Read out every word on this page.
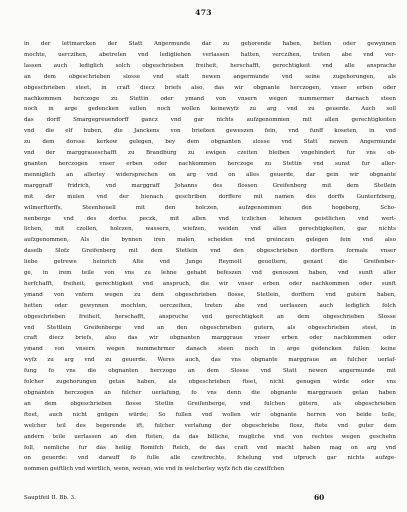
473
in der lettmarcken der Statt Angermunde dar zu gehorende haben, betten oder gewynnen
mochte, uerczihen, abetreten vnd ledigliehen verlassen hatten, verczihen, treten abe vnd ver-
lassen auch lediglich solch obgeschrieben freiheit, herschafft, gerechtigkeit vnd alle ansprache
an dem obgeschrieben slosse vnd statt newen angermunde vnd seine zugehorungen, als
obgeschrieben steet, in craft diecz briefs also, das wir obgnante herczogen, vnser erben oder
nachkommen herczoge zu Stettin oder ymand von vnsern wegen nummermer darnach steen
noch in arge gedencken sullen noch wollen keinewyfz zu arg vnd zu geuerde. Auch soll
das dorff Smargegreuendorff gancz vnd gar nichts aufzgenommen mit allen gerechtigkeiten
vnd die elf huben, die Janckens von briefzen geweszen fein, vnd funff koseten, in vnd
zu dem dorsse kerkow gelegen, bey dem obgnanten slosse vnd Statt newen Angermunde
vnd der marggraueschafft zu Brandburg zu ewigen czeiten bleiben vngehindert fur vns ob-
gnanten herczogen vnser erben oder nachkommen herczoge zu Stettin vnd sunst fur aller-
menniglich an allerley widersprechen on arg vnd on alles geuerde, dar gein wir obgnante
marggraff fridrich, vnd marggraff Johanns des flossen Greifenberg mit dem Stetlein
mit der mulen vnd der hienach geschriben dorffere mit namen des dorffs Gunterfzberg,
wilmerftorffs, Steenhouell mit den holczen, aufzgenommen den hogeberg, Scho-
nenberge vnd des dorfss peczk, mit allen vnd iczlichen lehenen geistlichen vnd wert-
lichen, mit czollen, holczen, wassern, wiefzen, weiden vnd allen gerechtigkeiten, gar nichts
aufzgenommen, Als die bynnen iren malen, scheiden vnd greinczen gelegen fein vnd also
daselb Slofz Greifenberg mit dem Stetlein vnd den obgeschrieben dorffern formals vnser
liebe getrewe heinrich Alte vnd Junge Reymolt geuettern, genant die Greifenber-
ge, in irem teile von vns zu lehne gehabt befeszen vnd genoszen haben, vnd sunft aller
herfchafft, freiheit, gerechtigkeit vnd anspruch, die wir vnser erben oder nachkommen oder sunft
ymand von vnfern wegen zu dem obgeschrieben flosse, Stetlein, dorffern vnd gutern haben,
hetten oder gewynnen mochten, uerczeihen, treten abe vnd uerlaszen auch lediglich folch
obgeschrieben freiheit, herschafft, anspruche vnd gerechtigkeit an dem obgeschrieben Slosse
vnd Stettlein Greifenberge vnd an den obgeschrieben gutern, als obgeschrieben steet, in
craft diecz briefs, also das wir obgnanten marggraue vnser erben oder nachkommen oder
ymand von vnsern wegen nummehrmer danach steen noch in arge gedencken fullen keine
wyfz zu arg vnd zu geuerde. Weres auch, das vns obgnante marggraue an fulcher uerlaf-
fung fo vns die obgnanten herczogo an dem Slosse vnd Statt newen angermunde mit
folcher zugehorungen getan haben, als obgeschrieben fteet, nicht genugen wirde oder vns
obgnanten herczogen an fulcher uerlafung, fo vns denn die obgnante marggrauen getan haben
an dem obgeschrieben flosse Stetlin Greifenberge, vnd fulchen gütern, als obgeschrieben
fteet, auch nicht gnügen würde; So fullen vnd wollen wir obgnante herren von beide teile,
welcher teil des begerende ift, fulcher verlafung der obgeschriebe flosz, ftete vnd guter dem
andern teile uerlassen an den fteten, da das billiche, mugliche vnd von rechtes wegen geschehn
foll, nemliche fur das heilig Romifch Reich, de das craft vnd macht haben mag on arg vnd
on geuerde: vnd darauff fo fulle alle czwitrechte, fchelung vnd ufpruch gar nichts aufzge-
nommen geiftlich vnd wertlich, wenn, wovan, wie vnd in welcherley wyfz fich die czwiffchen
Sauptfeil II. Bb. 3.	60
